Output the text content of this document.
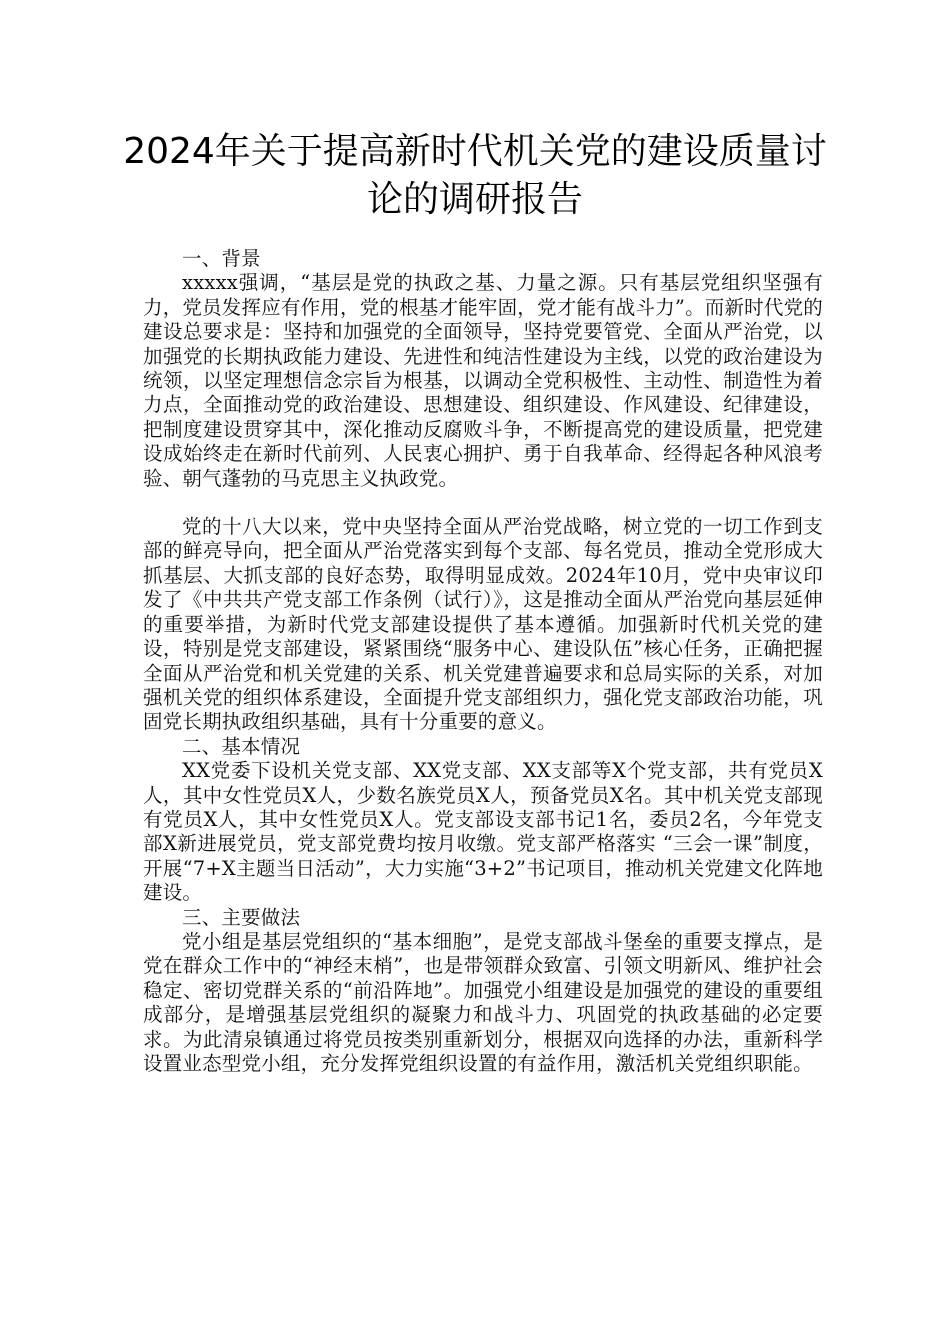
2024年关于提高新时代机关党的建设质量讨论的调研报告

一、背景

xxxxx强调，“基层是党的执政之基、力量之源。只有基层党组织坚强有力，党员发挥应有作用，党的根基才能牢固，党才能有战斗力”。而新时代党的建设总要求是：坚持和加强党的全面领导，坚持党要管党、全面从严治党，以加强党的长期执政能力建设、先进性和纯洁性建设为主线，以党的政治建设为统领，以坚定理想信念宗旨为根基，以调动全党积极性、主动性、制造性为着力点，全面推动党的政治建设、思想建设、组织建设、作风建设、纪律建设，把制度建设贯穿其中，深化推动反腐败斗争，不断提高党的建设质量，把党建设成始终走在新时代前列、人民衷心拥护、勇于自我革命、经得起各种风浪考验、朝气蓬勃的马克思主义执政党。

党的十八大以来，党中央坚持全面从严治党战略，树立党的一切工作到支部的鲜亮导向，把全面从严治党落实到每个支部、每名党员，推动全党形成大抓基层、大抓支部的良好态势，取得明显成效。2024年10月，党中央审议印发了《中共共产党支部工作条例（试行）》，这是推动全面从严治党向基层延伸的重要举措，为新时代党支部建设提供了基本遵循。加强新时代机关党的建设，特别是党支部建设，紧紧围绕“服务中心、建设队伍”核心任务，正确把握全面从严治党和机关党建的关系、机关党建普遍要求和总局实际的关系，对加强机关党的组织体系建设，全面提升党支部组织力，强化党支部政治功能，巩固党长期执政组织基础，具有十分重要的意义。

二、基本情况

XX党委下设机关党支部、XX党支部、XX支部等X个党支部，共有党员X人，其中女性党员X人，少数名族党员X人，预备党员X名。其中机关党支部现有党员X人，其中女性党员X人。党支部设支部书记1名，委员2名，今年党支部X新进展党员，党支部党费均按月收缴。党支部严格落实 “三会一课”制度，开展“7+X主题当日活动”，大力实施“3+2”书记项目，推动机关党建文化阵地建设。

三、主要做法

党小组是基层党组织的“基本细胞”，是党支部战斗堡垒的重要支撑点，是党在群众工作中的“神经末梢”，也是带领群众致富、引领文明新风、维护社会稳定、密切党群关系的“前沿阵地”。加强党小组建设是加强党的建设的重要组成部分，是增强基层党组织的凝聚力和战斗力、巩固党的执政基础的必定要求。为此清泉镇通过将党员按类别重新划分，根据双向选择的办法，重新科学设置业态型党小组，充分发挥党组织设置的有益作用，激活机关党组织职能。
